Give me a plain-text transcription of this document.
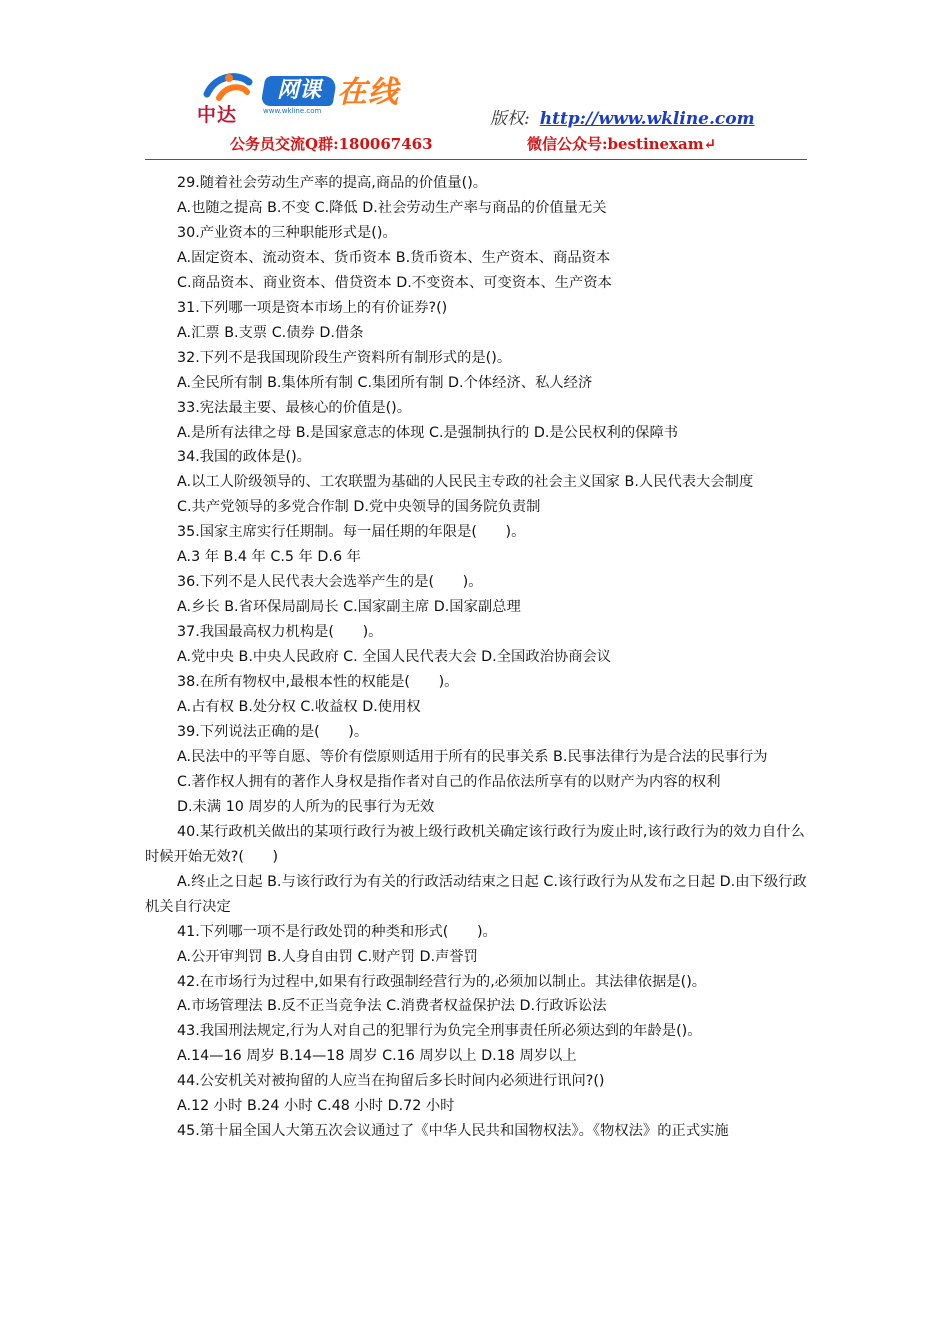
中达
网课
www.wkline.com
在线
版权: http://www.wkline.com
公务员交流Q群:180067463	微信公众号:bestinexam↵

29.随着社会劳动生产率的提高,商品的价值量()。

A.也随之提高 B.不变 C.降低 D.社会劳动生产率与商品的价值量无关

30.产业资本的三种职能形式是()。

A.固定资本、流动资本、货币资本 B.货币资本、生产资本、商品资本

C.商品资本、商业资本、借贷资本 D.不变资本、可变资本、生产资本

31.下列哪一项是资本市场上的有价证券?()

A.汇票 B.支票 C.债券 D.借条

32.下列不是我国现阶段生产资料所有制形式的是()。

A.全民所有制 B.集体所有制 C.集团所有制 D.个体经济、私人经济

33.宪法最主要、最核心的价值是()。

A.是所有法律之母 B.是国家意志的体现 C.是强制执行的 D.是公民权利的保障书

34.我国的政体是()。

A.以工人阶级领导的、工农联盟为基础的人民民主专政的社会主义国家 B.人民代表大会制度

C.共产党领导的多党合作制 D.党中央领导的国务院负责制

35.国家主席实行任期制。每一届任期的年限是(　　)。

A.3 年 B.4 年 C.5 年 D.6 年

36.下列不是人民代表大会选举产生的是(　　)。

A.乡长 B.省环保局副局长 C.国家副主席 D.国家副总理

37.我国最高权力机构是(　　)。

A.党中央 B.中央人民政府 C. 全国人民代表大会 D.全国政治协商会议

38.在所有物权中,最根本性的权能是(　　)。

A.占有权 B.处分权 C.收益权 D.使用权

39.下列说法正确的是(　　)。

A.民法中的平等自愿、等价有偿原则适用于所有的民事关系 B.民事法律行为是合法的民事行为

C.著作权人拥有的著作人身权是指作者对自己的作品依法所享有的以财产为内容的权利

D.未满 10 周岁的人所为的民事行为无效

40.某行政机关做出的某项行政行为被上级行政机关确定该行政行为废止时,该行政行为的效力自什么时候开始无效?(　　)

A.终止之日起 B.与该行政行为有关的行政活动结束之日起 C.该行政行为从发布之日起 D.由下级行政机关自行决定

41.下列哪一项不是行政处罚的种类和形式(　　)。

A.公开审判罚 B.人身自由罚 C.财产罚 D.声誉罚

42.在市场行为过程中,如果有行政强制经营行为的,必须加以制止。其法律依据是()。

A.市场管理法 B.反不正当竞争法 C.消费者权益保护法 D.行政诉讼法

43.我国刑法规定,行为人对自己的犯罪行为负完全刑事责任所必须达到的年龄是()。

A.14—16 周岁 B.14—18 周岁 C.16 周岁以上 D.18 周岁以上

44.公安机关对被拘留的人应当在拘留后多长时间内必须进行讯问?()

A.12 小时 B.24 小时 C.48 小时 D.72 小时

45.第十届全国人大第五次会议通过了《中华人民共和国物权法》。《物权法》的正式实施
